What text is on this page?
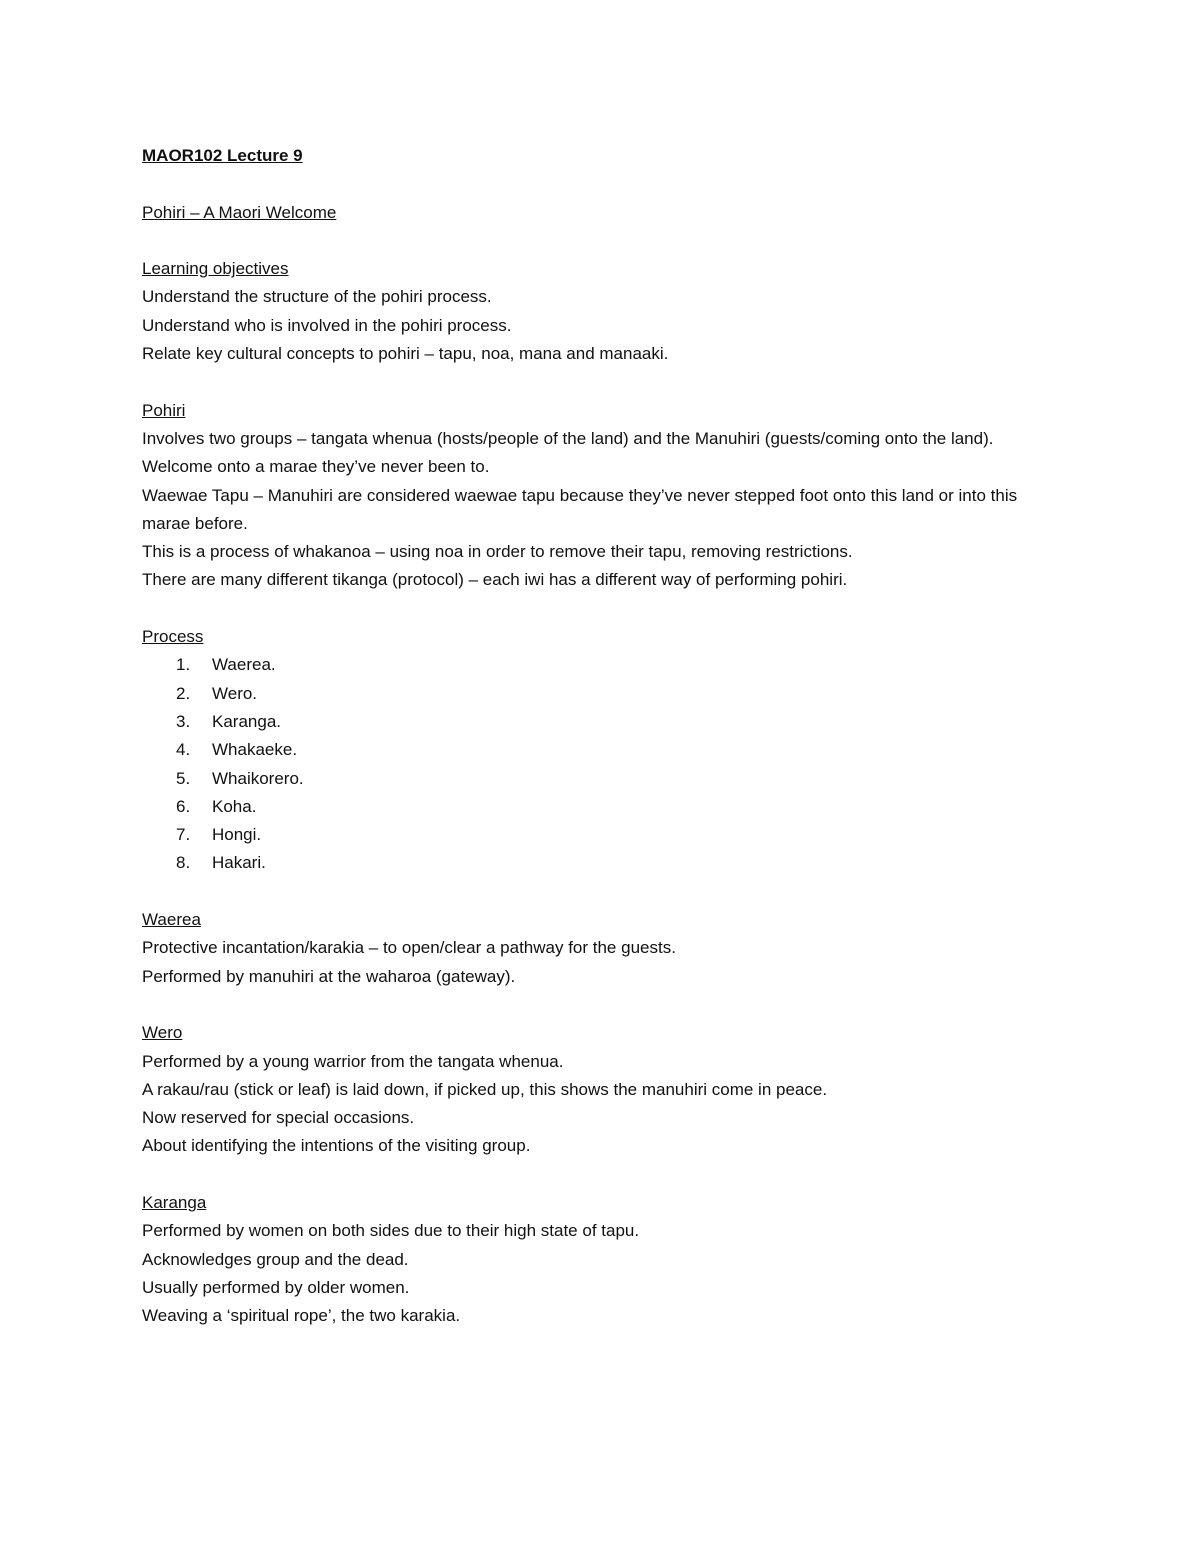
MAOR102 Lecture 9

Pohiri – A Maori Welcome

Learning objectives

Understand the structure of the pohiri process.

Understand who is involved in the pohiri process.

Relate key cultural concepts to pohiri – tapu, noa, mana and manaaki.

Pohiri

Involves two groups – tangata whenua (hosts/people of the land) and the Manuhiri (guests/coming onto the land).

Welcome onto a marae they’ve never been to.

Waewae Tapu – Manuhiri are considered waewae tapu because they’ve never stepped foot onto this land or into this marae before.

This is a process of whakanoa – using noa in order to remove their tapu, removing restrictions.

There are many different tikanga (protocol) – each iwi has a different way of performing pohiri.

Process

1.	Waerea.
2.	Wero.
3.	Karanga.
4.	Whakaeke.
5.	Whaikorero.
6.	Koha.
7.	Hongi.
8.	Hakari.

Waerea

Protective incantation/karakia – to open/clear a pathway for the guests.

Performed by manuhiri at the waharoa (gateway).

Wero

Performed by a young warrior from the tangata whenua.

A rakau/rau (stick or leaf) is laid down, if picked up, this shows the manuhiri come in peace.

Now reserved for special occasions.

About identifying the intentions of the visiting group.

Karanga

Performed by women on both sides due to their high state of tapu.

Acknowledges group and the dead.

Usually performed by older women.

Weaving a ‘spiritual rope’, the two karakia.
